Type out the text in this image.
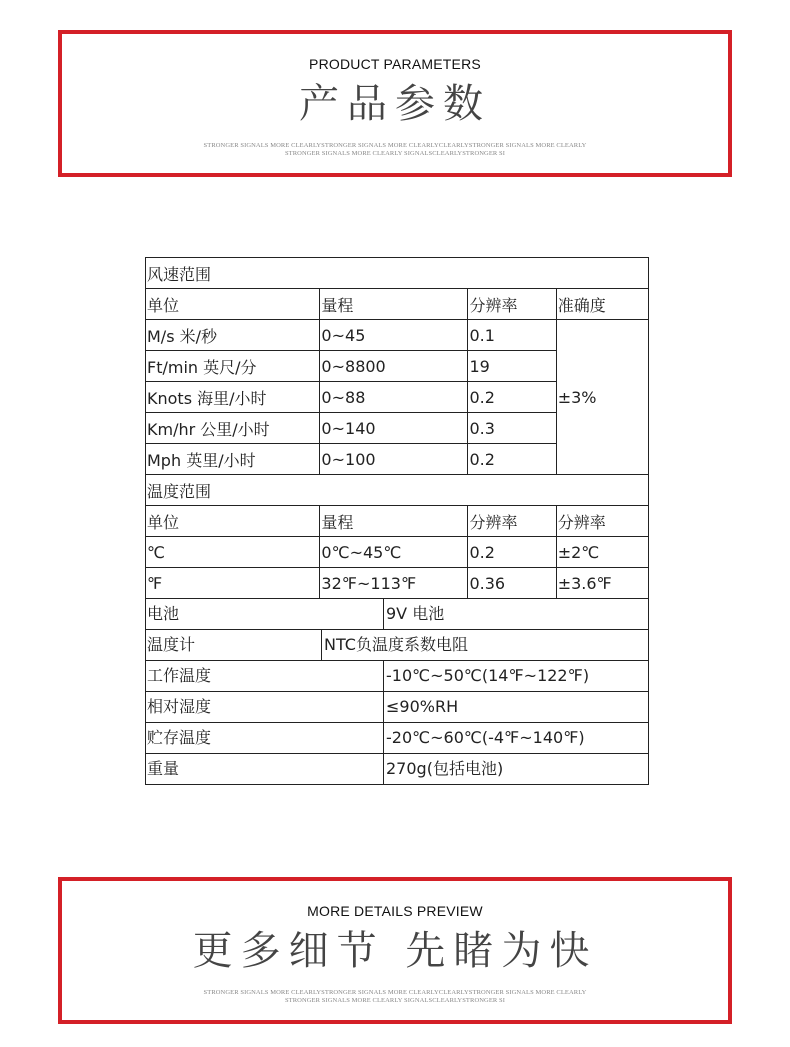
PRODUCT PARAMETERS
产品参数
STRONGER SIGNALS MORE CLEARLYSTRONGER SIGNALS MORE CLEARLYCLEARLYSTRONGER SIGNALS MORE CLEARLY
STRONGER SIGNALS MORE CLEARLY SIGNALSCLEARLYSTRONGER SI
风速范围			
单位	量程	分辨率	准确度
M/s 米/秒	0~45	0.1	±3%
Ft/min 英尺/分	0~8800	19	
Knots 海里/小时	0~88	0.2	
Km/hr 公里/小时	0~140	0.3	
Mph 英里/小时	0~100	0.2	
温度范围			
单位	量程	分辨率	分辨率
℃	0℃~45℃	0.2	±2℃
℉	32℉~113℉	0.36	±3.6℉

电池 9V 电池			

温度计 NTC负温度系数电阻			

工作温度 -10℃~50℃(14℉~122℉)			

相对湿度 ≤90%RH			

贮存温度 -20℃~60℃(-4℉~140℉)			

重量 270g(包括电池)			

MORE DETAILS PREVIEW
更多细节 先睹为快
STRONGER SIGNALS MORE CLEARLYSTRONGER SIGNALS MORE CLEARLYCLEARLYSTRONGER SIGNALS MORE CLEARLY
STRONGER SIGNALS MORE CLEARLY SIGNALSCLEARLYSTRONGER SI
